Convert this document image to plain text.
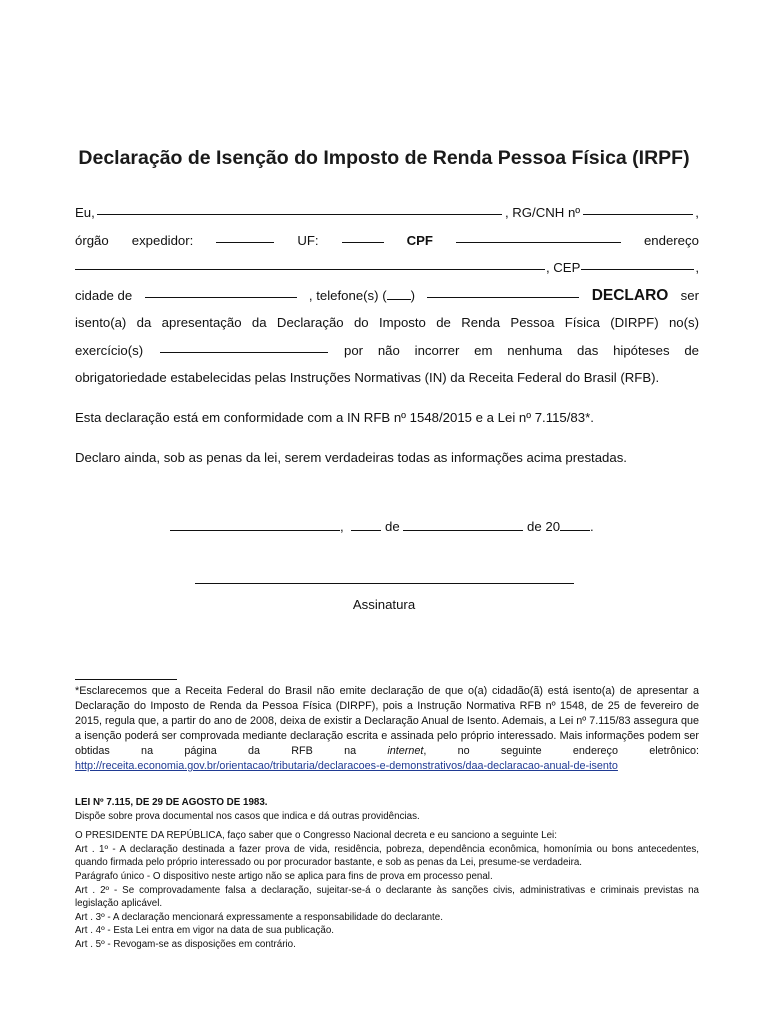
Declaração de Isenção do Imposto de Renda Pessoa Física (IRPF)
Eu,	, RG/CNH nº	,
órgão expedidor:	UF:	CPF	endereço
, CEP	,
cidade de	, telefone(s) ( )	DECLARO ser
isento(a) da apresentação da Declaração do Imposto de Renda Pessoa Física (DIRPF) no(s)
exercício(s)	por não incorrer em nenhuma das hipóteses de
obrigatoriedade estabelecidas pelas Instruções Normativas (IN) da Receita Federal do Brasil (RFB).
Esta declaração está em conformidade com a IN RFB nº 1548/2015 e a Lei nº 7.115/83*.
Declaro ainda, sob as penas da lei, serem verdadeiras todas as informações acima prestadas.
,	de	de 20 .
Assinatura
*Esclarecemos que a Receita Federal do Brasil não emite declaração de que o(a) cidadão(ã) está isento(a) de apresentar a Declaração do Imposto de Renda da Pessoa Física (DIRPF), pois a Instrução Normativa RFB nº 1548, de 25 de fevereiro de 2015, regula que, a partir do ano de 2008, deixa de existir a Declaração Anual de Isento. Ademais, a Lei nº 7.115/83 assegura que a isenção poderá ser comprovada mediante declaração escrita e assinada pelo próprio interessado. Mais informações podem ser obtidas na página da RFB na internet, no seguinte endereço eletrônico: http://receita.economia.gov.br/orientacao/tributaria/declaracoes-e-demonstrativos/daa-declaracao-anual-de-isento

LEI Nº 7.115, DE 29 DE AGOSTO DE 1983.

Dispõe sobre prova documental nos casos que indica e dá outras providências.

O PRESIDENTE DA REPÚBLICA, faço saber que o Congresso Nacional decreta e eu sanciono a seguinte Lei:

Art . 1º - A declaração destinada a fazer prova de vida, residência, pobreza, dependência econômica, homonímia ou bons antecedentes, quando firmada pelo próprio interessado ou por procurador bastante, e sob as penas da Lei, presume-se verdadeira.

Parágrafo único - O dispositivo neste artigo não se aplica para fins de prova em processo penal.

Art . 2º - Se comprovadamente falsa a declaração, sujeitar-se-á o declarante às sanções civis, administrativas e criminais previstas na legislação aplicável.

Art . 3º - A declaração mencionará expressamente a responsabilidade do declarante.

Art . 4º - Esta Lei entra em vigor na data de sua publicação.

Art . 5º - Revogam-se as disposições em contrário.
